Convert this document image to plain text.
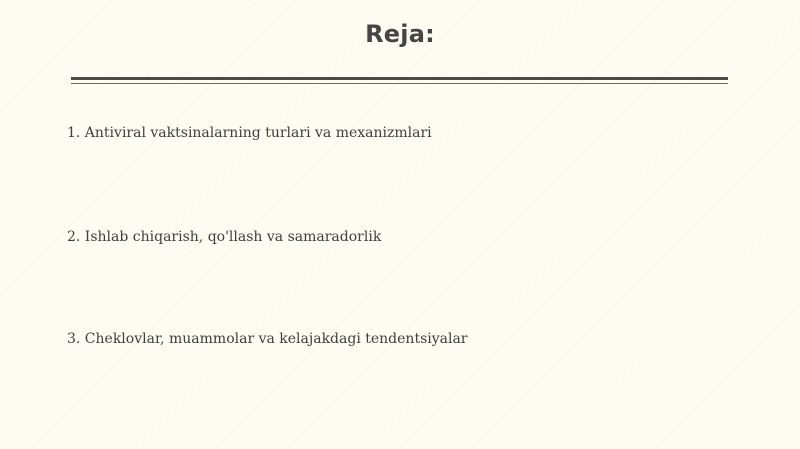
Reja:
1. Antiviral vaktsinalarning turlari va mexanizmlari
2. Ishlab chiqarish, qo'llash va samaradorlik
3. Cheklovlar, muammolar va kelajakdagi tendentsiyalar
